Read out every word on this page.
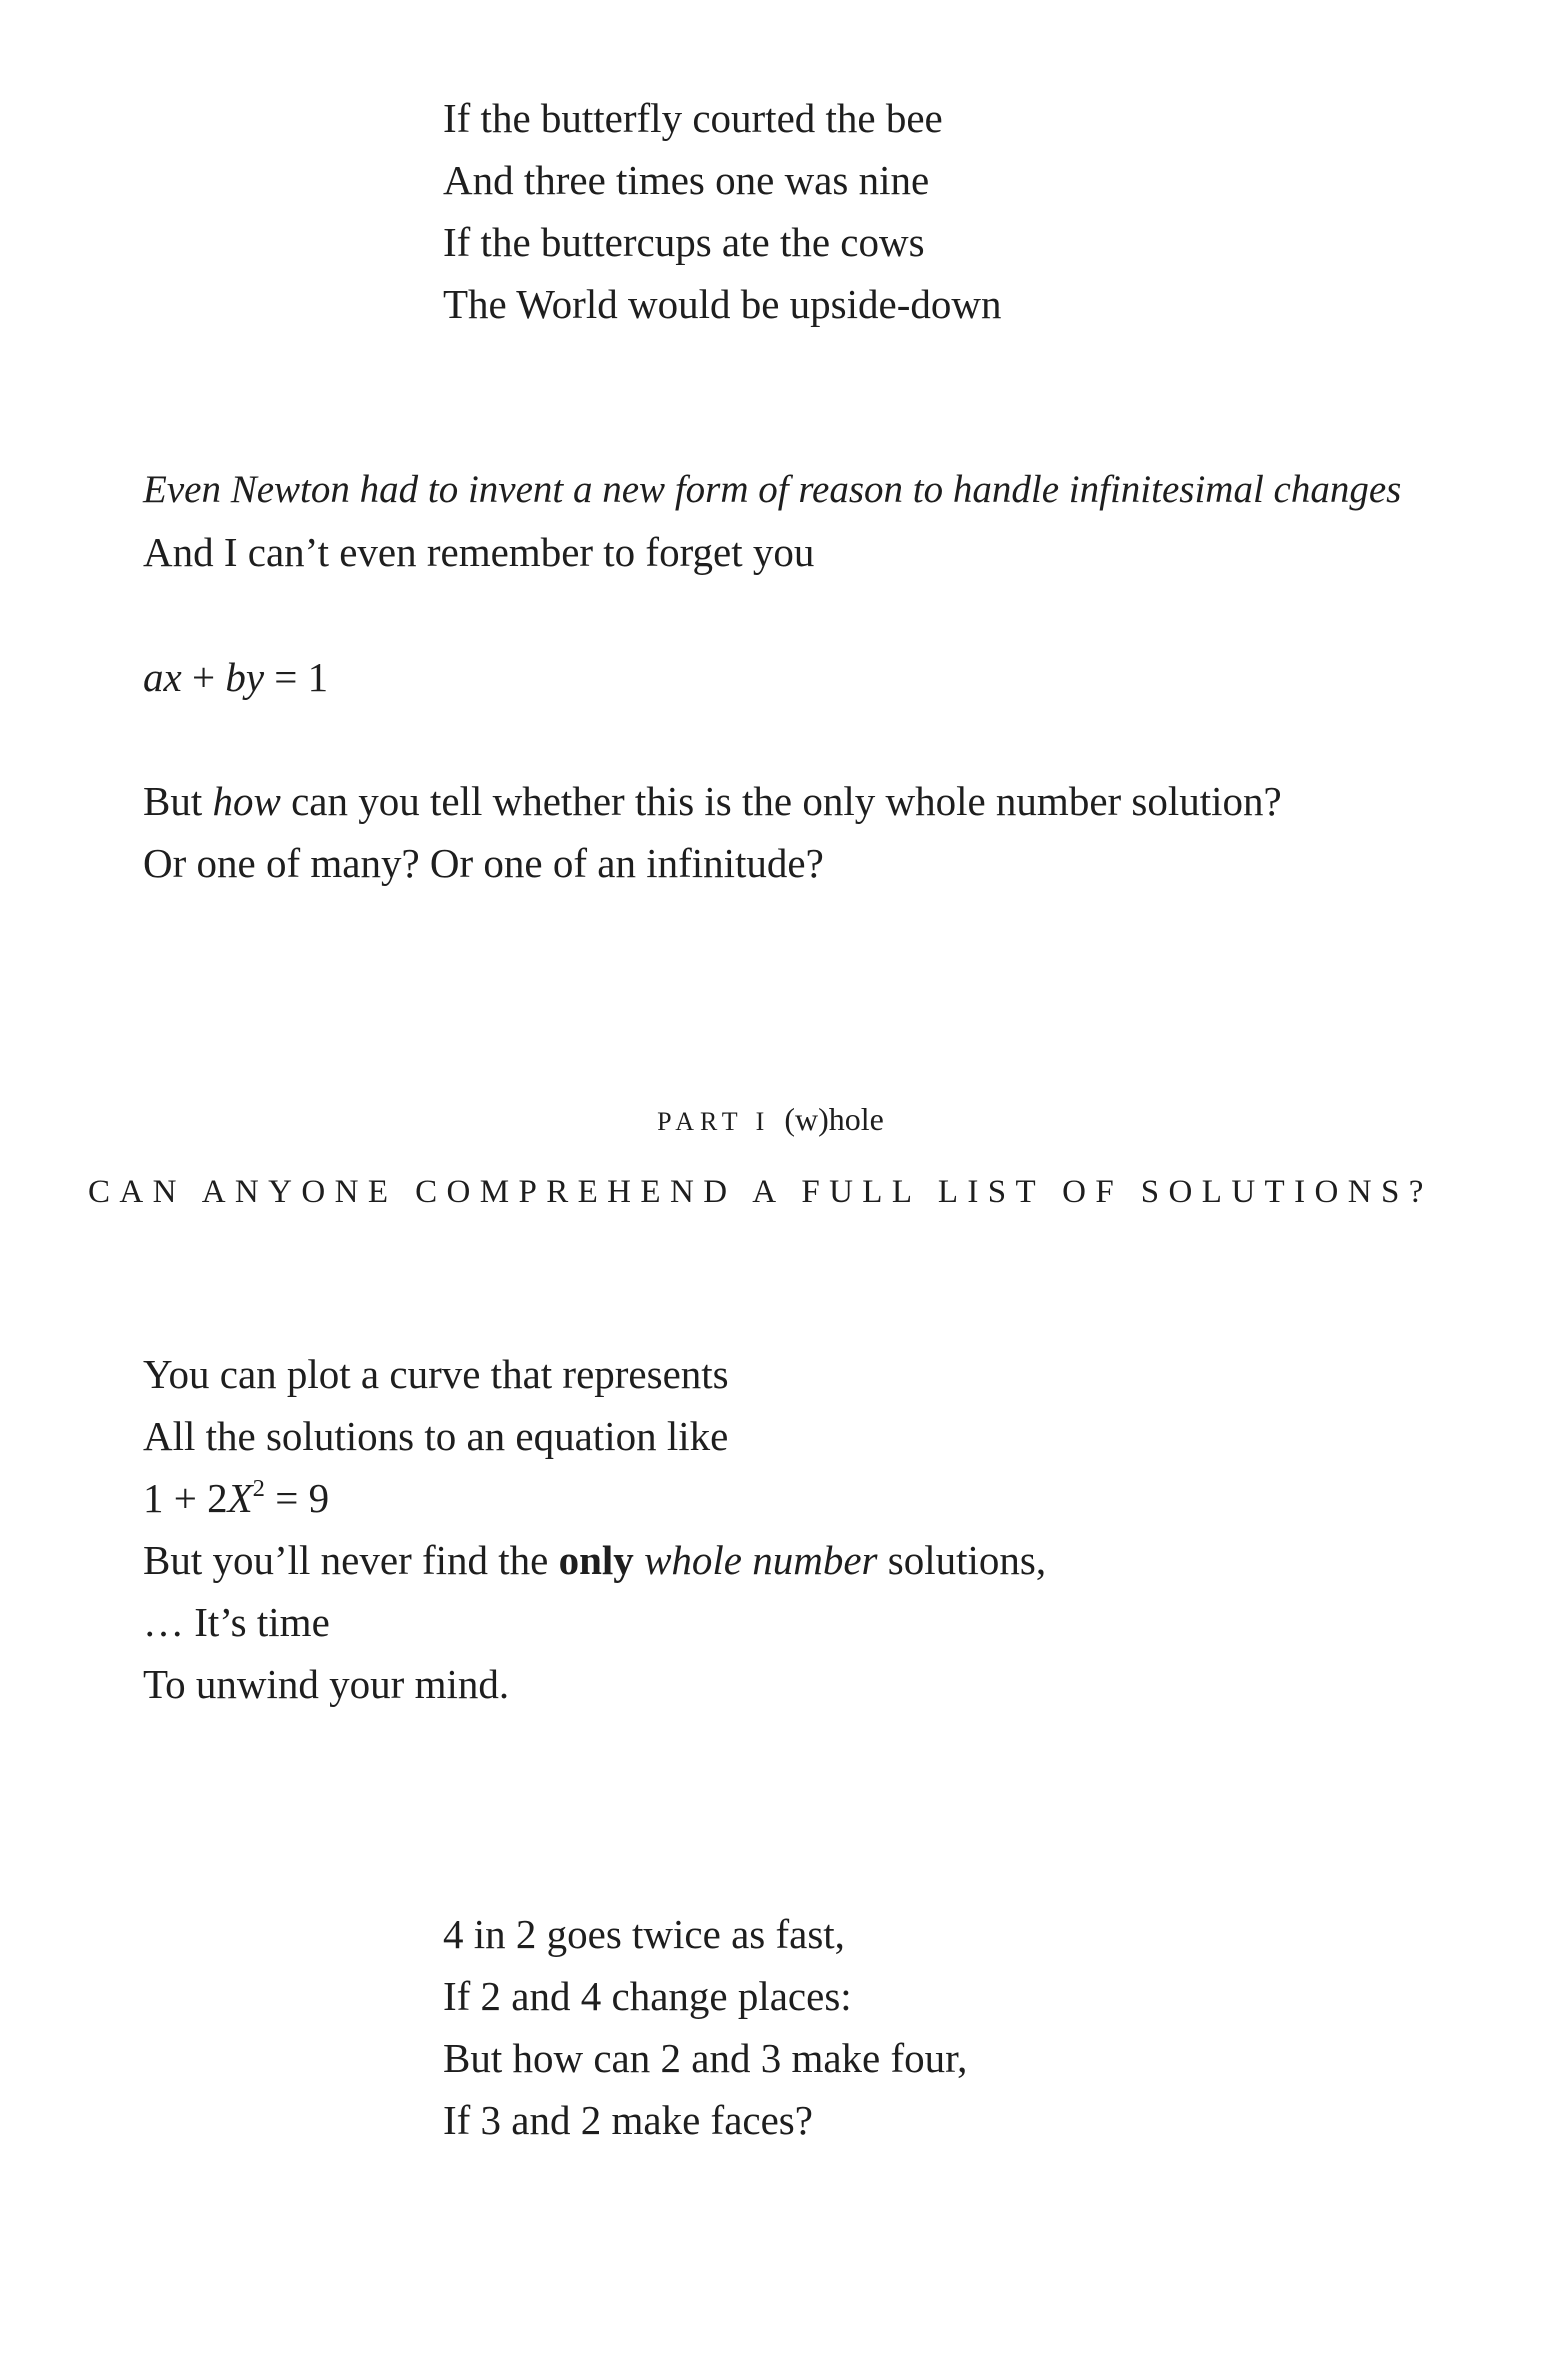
If the butterfly courted the bee
And three times one was nine
If the buttercups ate the cows
The World would be upside-down
Even Newton had to invent a new form of reason to handle infinitesimal changes
And I can’t even remember to forget you
ax + by = 1
But how can you tell whether this is the only whole number solution?
Or one of many? Or one of an infinitude?
PART I (w)hole
CAN ANYONE COMPREHEND A FULL LIST OF SOLUTIONS?
You can plot a curve that represents
All the solutions to an equation like
$1 + 2X^2 = 9$
But you’ll never find the only whole number solutions,
… It’s time
To unwind your mind.
4 in 2 goes twice as fast,
If 2 and 4 change places:
But how can 2 and 3 make four,
If 3 and 2 make faces?
